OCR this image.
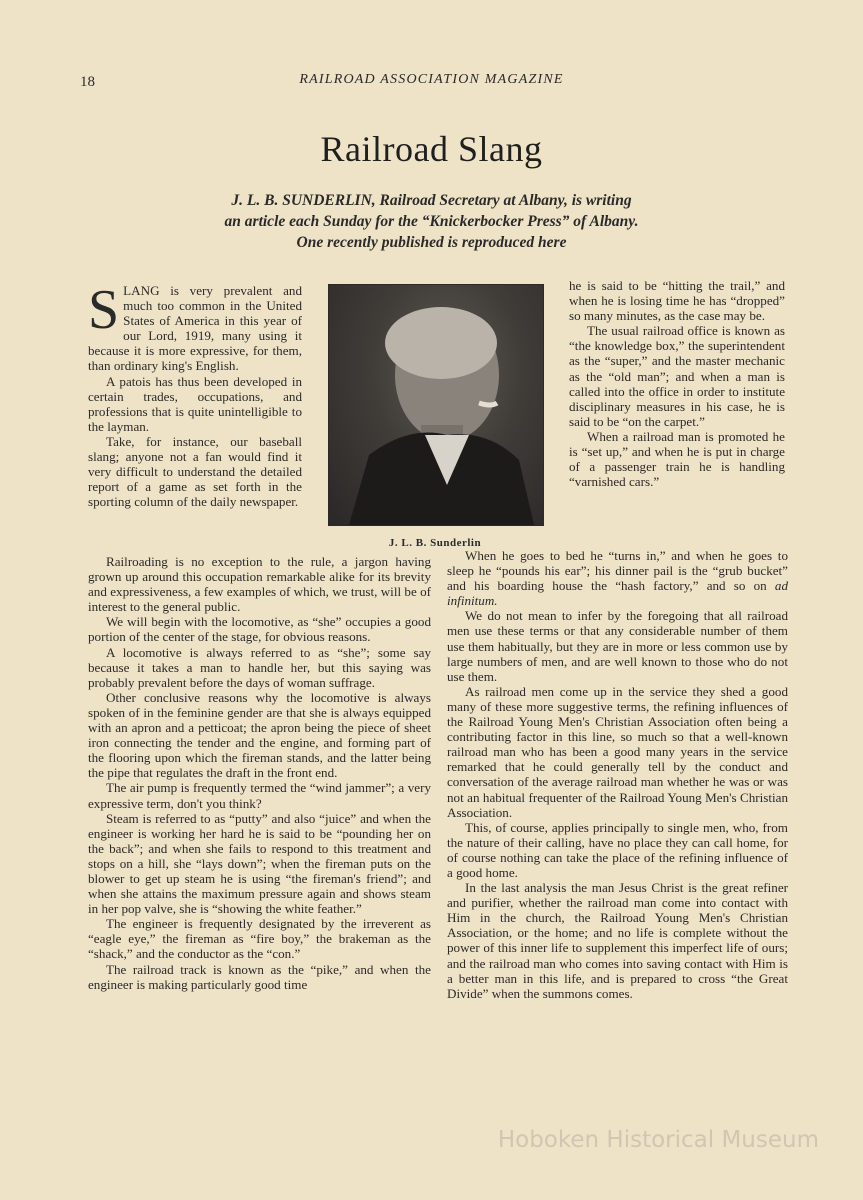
18	RAILROAD ASSOCIATION MAGAZINE
Railroad Slang
J. L. B. SUNDERLIN, Railroad Secretary at Albany, is writing
an article each Sunday for the “Knickerbocker Press” of Albany.
One recently published is reproduced here

SLANG is very prevalent and much too common in the United States of America in this year of our Lord, 1919, many using it because it is more expressive, for them, than ordinary king's English.

A patois has thus been developed in certain trades, occupations, and professions that is quite unintelligible to the layman.

Take, for instance, our baseball slang; anyone not a fan would find it very difficult to understand the detailed report of a game as set forth in the sporting column of the daily newspaper.

J. L. B. Sunderlin

he is said to be “hitting the trail,” and when he is losing time he has “dropped” so many minutes, as the case may be.

The usual railroad office is known as “the knowledge box,” the superintendent as the “super,” and the master mechanic as the “old man”; and when a man is called into the office in order to institute disciplinary measures in his case, he is said to be “on the carpet.”

When a railroad man is promoted he is “set up,” and when he is put in charge of a passenger train he is handling “varnished cars.”

Railroading is no exception to the rule, a jargon having grown up around this occupation remarkable alike for its brevity and expressiveness, a few examples of which, we trust, will be of interest to the general public.

We will begin with the locomotive, as “she” occupies a good portion of the center of the stage, for obvious reasons.

A locomotive is always referred to as “she”; some say because it takes a man to handle her, but this saying was probably prevalent before the days of woman suffrage.

Other conclusive reasons why the locomotive is always spoken of in the feminine gender are that she is always equipped with an apron and a petticoat; the apron being the piece of sheet iron connecting the tender and the engine, and forming part of the flooring upon which the fireman stands, and the latter being the pipe that regulates the draft in the front end.

The air pump is frequently termed the “wind jammer”; a very expressive term, don't you think?

Steam is referred to as “putty” and also “juice” and when the engineer is working her hard he is said to be “pounding her on the back”; and when she fails to respond to this treatment and stops on a hill, she “lays down”; when the fireman puts on the blower to get up steam he is using “the fireman's friend”; and when she attains the maximum pressure again and shows steam in her pop valve, she is “showing the white feather.”

The engineer is frequently designated by the irreverent as “eagle eye,” the fireman as “fire boy,” the brakeman as the “shack,” and the conductor as the “con.”

The railroad track is known as the “pike,” and when the engineer is making particularly good time

When he goes to bed he “turns in,” and when he goes to sleep he “pounds his ear”; his dinner pail is the “grub bucket” and his boarding house the “hash factory,” and so on ad infinitum.

We do not mean to infer by the foregoing that all railroad men use these terms or that any considerable number of them use them habitually, but they are in more or less common use by large numbers of men, and are well known to those who do not use them.

As railroad men come up in the service they shed a good many of these more suggestive terms, the refining influences of the Railroad Young Men's Christian Association often being a contributing factor in this line, so much so that a well-known railroad man who has been a good many years in the service remarked that he could generally tell by the conduct and conversation of the average railroad man whether he was or was not an habitual frequenter of the Railroad Young Men's Christian Association.

This, of course, applies principally to single men, who, from the nature of their calling, have no place they can call home, for of course nothing can take the place of the refining influence of a good home.

In the last analysis the man Jesus Christ is the great refiner and purifier, whether the railroad man come into contact with Him in the church, the Railroad Young Men's Christian Association, or the home; and no life is complete without the power of this inner life to supplement this imperfect life of ours; and the railroad man who comes into saving contact with Him is a better man in this life, and is prepared to cross “the Great Divide” when the summons comes.

Hoboken Historical Museum
